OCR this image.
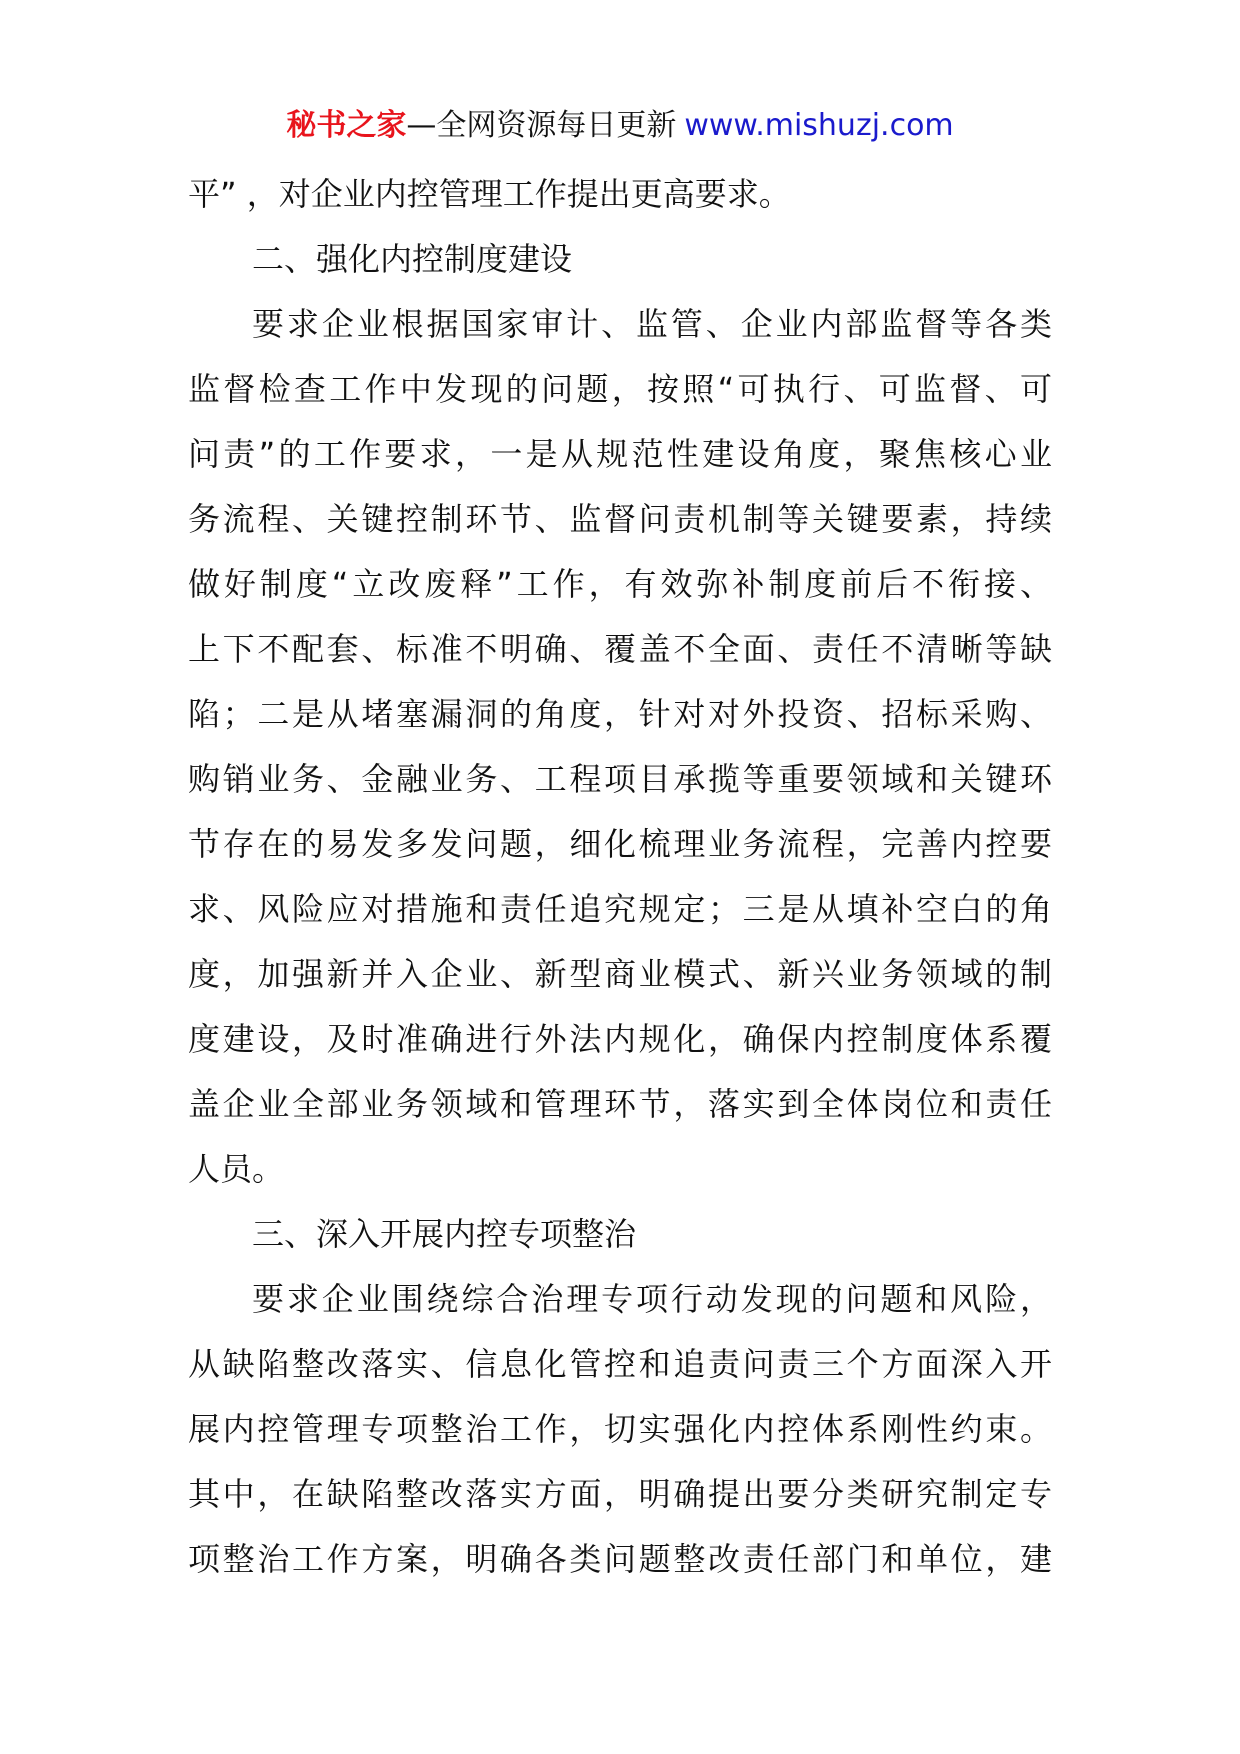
秘书之家—全网资源每日更新 www.mishuzj.com
平” ，对企业内控管理工作提出更高要求。
二、强化内控制度建设
要求企业根据国家审计、监管、企业内部监督等各类
监督检查工作中发现的问题，按照“可执行、可监督、可
问责”的工作要求，一是从规范性建设角度，聚焦核心业
务流程、关键控制环节、监督问责机制等关键要素，持续
做好制度“立改废释”工作，有效弥补制度前后不衔接、
上下不配套、标准不明确、覆盖不全面、责任不清晰等缺
陷；二是从堵塞漏洞的角度，针对对外投资、招标采购、
购销业务、金融业务、工程项目承揽等重要领域和关键环
节存在的易发多发问题，细化梳理业务流程，完善内控要
求、风险应对措施和责任追究规定；三是从填补空白的角
度，加强新并入企业、新型商业模式、新兴业务领域的制
度建设，及时准确进行外法内规化，确保内控制度体系覆
盖企业全部业务领域和管理环节，落实到全体岗位和责任
人员。
三、深入开展内控专项整治
要求企业围绕综合治理专项行动发现的问题和风险，
从缺陷整改落实、信息化管控和追责问责三个方面深入开
展内控管理专项整治工作，切实强化内控体系刚性约束。
其中，在缺陷整改落实方面，明确提出要分类研究制定专
项整治工作方案，明确各类问题整改责任部门和单位，建
